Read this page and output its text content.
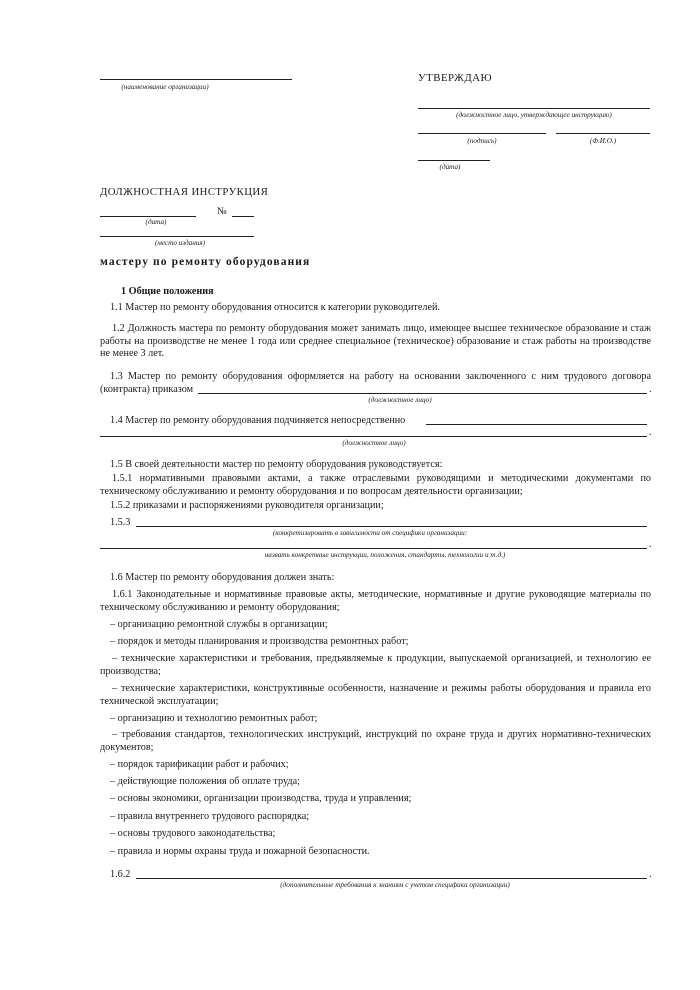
(наименование организации)
УТВЕРЖДАЮ
(должностное лицо, утверждающее инструкцию)
(подпись)	(Ф.И.О.)
(дата)
ДОЛЖНОСТНАЯ ИНСТРУКЦИЯ
№
(дата)
(место издания)
мастеру по ремонту оборудования
1 Общие положения
1.1 Мастер по ремонту оборудования относится к категории руководителей.
1.2 Должность мастера по ремонту оборудования может занимать лицо, имеющее высшее техническое образование и стаж работы на производстве не менее 1 года или среднее специальное (техническое) образование и стаж работы на производстве не менее 3 лет.
1.3 Мастер по ремонту оборудования оформляется на работу на основании заключенного с ним трудового договора
(контракта) приказом	.
(должностное лицо)
1.4 Мастер по ремонту оборудования подчиняется непосредственно
.
(должностное лицо)
1.5 В своей деятельности мастер по ремонту оборудования руководствуется:
1.5.1 нормативными правовыми актами, а также отраслевыми руководящими и методическими документами по техническому обслуживанию и ремонту оборудования и по вопросам деятельности организации;
1.5.2 приказами и распоряжениями руководителя организации;
1.5.3
(конкретизировать в зависимости от специфики организации:
.
назвать конкретные инструкции, положения, стандарты, технологии и т.д.)
1.6 Мастер по ремонту оборудования должен знать:
1.6.1 Законодательные и нормативные правовые акты, методические, нормативные и другие руководящие материалы по техническому обслуживанию и ремонту оборудования;
– организацию ремонтной службы в организации;
– порядок и методы планирования и производства ремонтных работ;
– технические характеристики и требования, предъявляемые к продукции, выпускаемой организацией, и технологию ее производства;
– технические характеристики, конструктивные особенности, назначение и режимы работы оборудования и правила его технической эксплуатации;
– организацию и технологию ремонтных работ;
– требования стандартов, технологических инструкций, инструкций по охране труда и других нормативно-технических документов;
– порядок тарификации работ и рабочих;
– действующие положения об оплате труда;
– основы экономики, организации производства, труда и управления;
– правила внутреннего трудового распорядка;
– основы трудового законодательства;
– правила и нормы охраны труда и пожарной безопасности.
1.6.2	.
(дополнительные требования к знаниям с учетом специфики организации)
